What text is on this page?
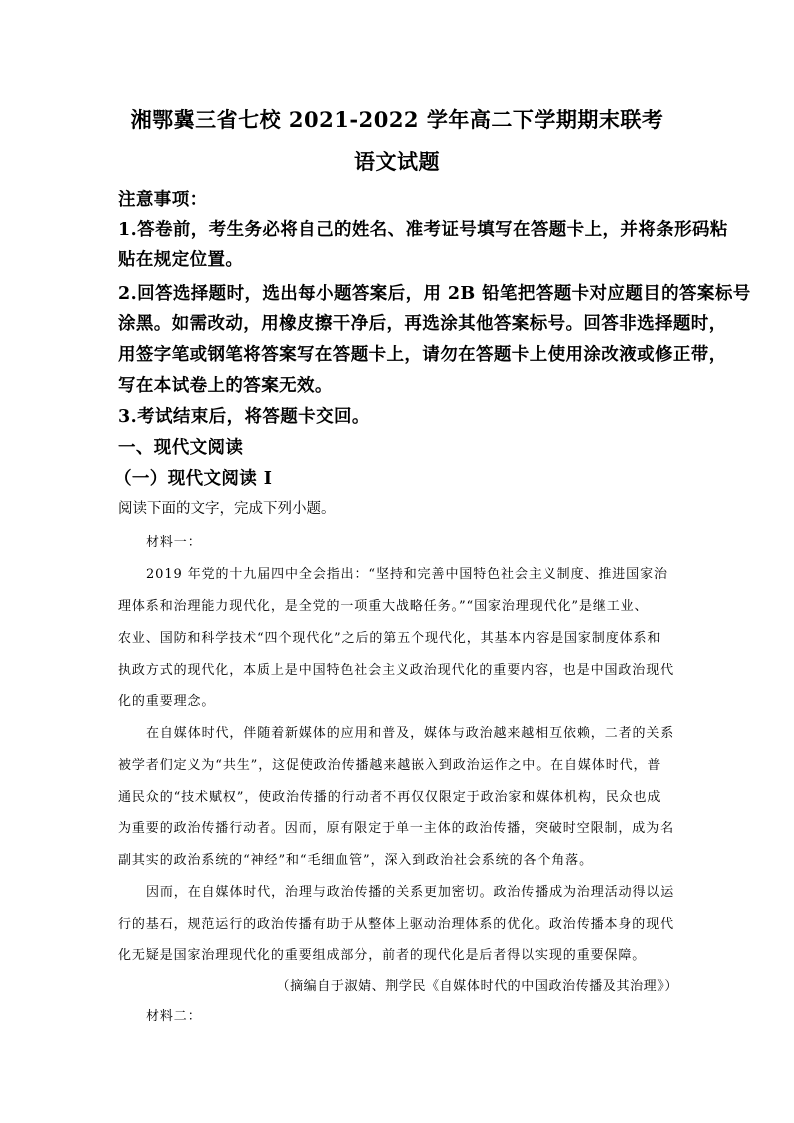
湘鄂冀三省七校 2021-2022 学年高二下学期期末联考
语文试题
注意事项：
1.答卷前，考生务必将自己的姓名、准考证号填写在答题卡上，并将条形码粘
贴在规定位置。
2.回答选择题时，选出每小题答案后，用 2B 铅笔把答题卡对应题目的答案标号
涂黑。如需改动，用橡皮擦干净后，再选涂其他答案标号。回答非选择题时，
用签字笔或钢笔将答案写在答题卡上，请勿在答题卡上使用涂改液或修正带，
写在本试卷上的答案无效。
3.考试结束后，将答题卡交回。
一、现代文阅读
（一）现代文阅读 I
阅读下面的文字，完成下列小题。
材料一：
2019 年党的十九届四中全会指出：“坚持和完善中国特色社会主义制度、推进国家治
理体系和治理能力现代化，是全党的一项重大战略任务。”“国家治理现代化”是继工业、
农业、国防和科学技术“四个现代化”之后的第五个现代化，其基本内容是国家制度体系和
执政方式的现代化，本质上是中国特色社会主义政治现代化的重要内容，也是中国政治现代
化的重要理念。
在自媒体时代，伴随着新媒体的应用和普及，媒体与政治越来越相互依赖，二者的关系
被学者们定义为“共生”，这促使政治传播越来越嵌入到政治运作之中。在自媒体时代，普
通民众的“技术赋权”，使政治传播的行动者不再仅仅限定于政治家和媒体机构，民众也成
为重要的政治传播行动者。因而，原有限定于单一主体的政治传播，突破时空限制，成为名
副其实的政治系统的“神经”和“毛细血管”，深入到政治社会系统的各个角落。
因而，在自媒体时代，治理与政治传播的关系更加密切。政治传播成为治理活动得以运
行的基石，规范运行的政治传播有助于从整体上驱动治理体系的优化。政治传播本身的现代
化无疑是国家治理现代化的重要组成部分，前者的现代化是后者得以实现的重要保障。
（摘编自于淑婧、荆学民《自媒体时代的中国政治传播及其治理》）
材料二：
